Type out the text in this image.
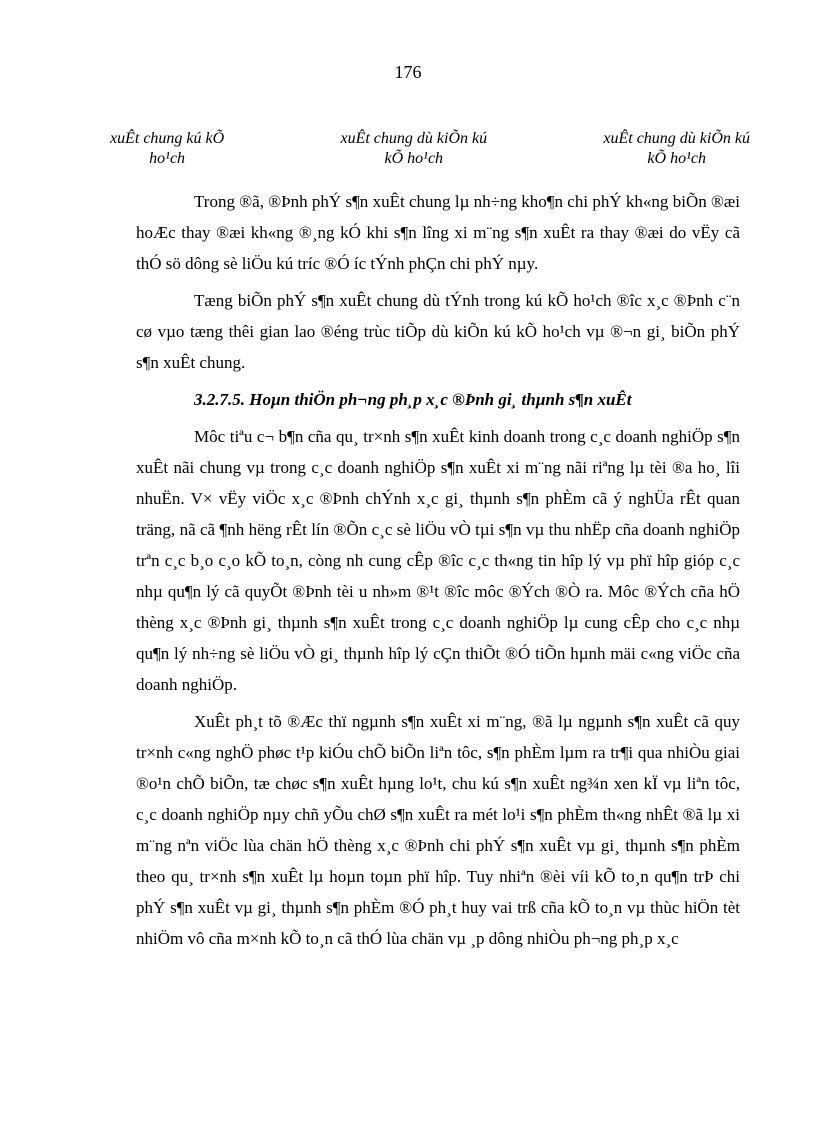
176
xuÊt chung kú kÕ
ho¹ch
xuÊt chung dù kiÕn kú
kÕ ho¹ch
xuÊt chung dù kiÕn kú
kÕ ho¹ch

Trong ®ã, ®Þnh phÝ s¶n xuÊt chung lµ nh÷ng kho¶n chi phÝ kh«ng biÕn ®æi hoÆc thay ®æi kh«ng ®¸ng kÓ khi s¶n lîng xi m¨ng s¶n xuÊt ra thay ®æi do vËy cã thÓ sö dông sè liÖu kú tríc ®Ó íc tÝnh phÇn chi phÝ nµy.

Tæng biÕn phÝ s¶n xuÊt chung dù tÝnh trong kú kÕ ho¹ch ®îc x¸c ®Þnh c¨n cø vµo tæng thêi gian lao ®éng trùc tiÕp dù kiÕn kú kÕ ho¹ch vµ ®¬n gi¸ biÕn phÝ s¶n xuÊt chung.

3.2.7.5. Hoµn thiÖn ph¬ng ph¸p x¸c ®Þnh gi¸ thµnh s¶n xuÊt

Môc tiªu c¬ b¶n cña qu¸ tr×nh s¶n xuÊt kinh doanh trong c¸c doanh nghiÖp s¶n xuÊt nãi chung vµ trong c¸c doanh nghiÖp s¶n xuÊt xi m¨ng nãi riªng lµ tèi ®a ho¸ lîi nhuËn. V× vËy viÖc x¸c ®Þnh chÝnh x¸c gi¸ thµnh s¶n phÈm cã ý nghÜa rÊt quan träng, nã cã ¶nh hëng rÊt lín ®Õn c¸c sè liÖu vÒ tµi s¶n vµ thu nhËp cña doanh nghiÖp trªn c¸c b¸o c¸o kÕ to¸n, còng nh cung cÊp ®îc c¸c th«ng tin hîp lý vµ phï hîp gióp c¸c nhµ qu¶n lý cã quyÕt ®Þnh tèi u nh»m ®¹t ®îc môc ®Ých ®Ò ra. Môc ®Ých cña hÖ thèng x¸c ®Þnh gi¸ thµnh s¶n xuÊt trong c¸c doanh nghiÖp lµ cung cÊp cho c¸c nhµ qu¶n lý nh÷ng sè liÖu vÒ gi¸ thµnh hîp lý cÇn thiÕt ®Ó tiÕn hµnh mäi c«ng viÖc cña doanh nghiÖp.

XuÊt ph¸t tõ ®Æc thï ngµnh s¶n xuÊt xi m¨ng, ®ã lµ ngµnh s¶n xuÊt cã quy tr×nh c«ng nghÖ phøc t¹p kiÓu chÕ biÕn liªn tôc, s¶n phÈm lµm ra tr¶i qua nhiÒu giai ®o¹n chÕ biÕn, tæ chøc s¶n xuÊt hµng lo¹t, chu kú s¶n xuÊt ng¾n xen kÏ vµ liªn tôc, c¸c doanh nghiÖp nµy chñ yÕu chØ s¶n xuÊt ra mét lo¹i s¶n phÈm th«ng nhÊt ®ã lµ xi m¨ng nªn viÖc lùa chän hÖ thèng x¸c ®Þnh chi phÝ s¶n xuÊt vµ gi¸ thµnh s¶n phÈm theo qu¸ tr×nh s¶n xuÊt lµ hoµn toµn phï hîp. Tuy nhiªn ®èi víi kÕ to¸n qu¶n trÞ chi phÝ s¶n xuÊt vµ gi¸ thµnh s¶n phÈm ®Ó ph¸t huy vai trß cña kÕ to¸n vµ thùc hiÖn tèt nhiÖm vô cña m×nh kÕ to¸n cã thÓ lùa chän vµ ¸p dông nhiÒu ph¬ng ph¸p x¸c
